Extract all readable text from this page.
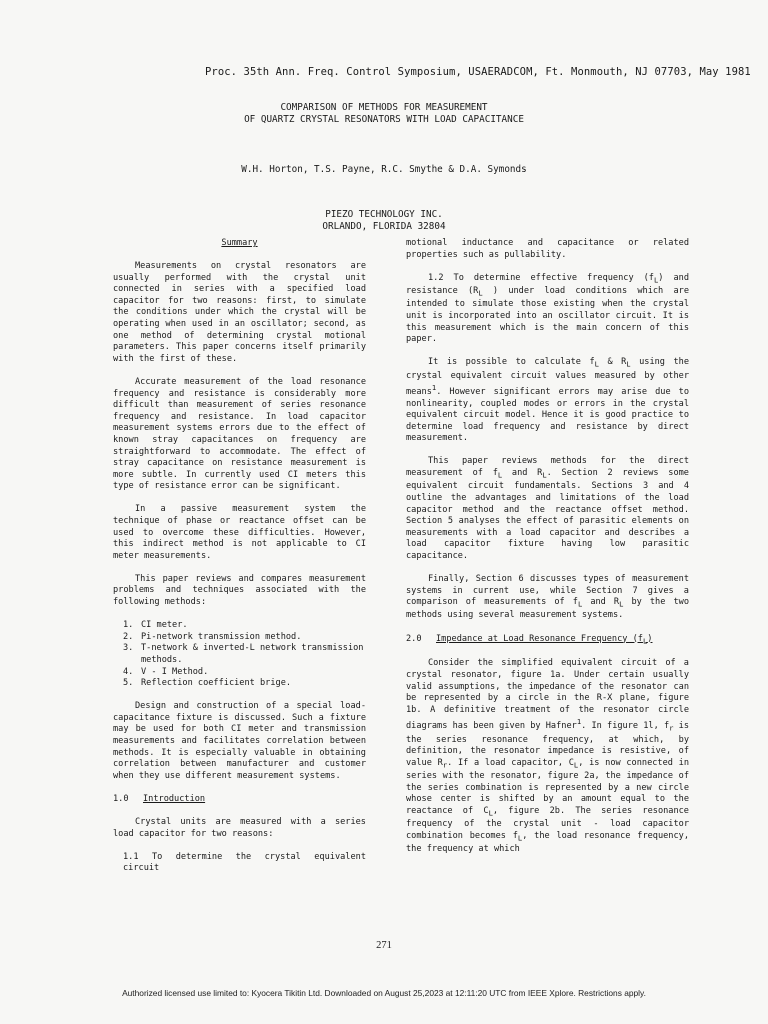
Proc. 35th Ann. Freq. Control Symposium, USAERADCOM, Ft. Monmouth, NJ 07703, May 1981
COMPARISON OF METHODS FOR MEASUREMENT
OF QUARTZ CRYSTAL RESONATORS WITH LOAD CAPACITANCE
W.H. Horton, T.S. Payne, R.C. Smythe & D.A. Symonds
PIEZO TECHNOLOGY INC.
ORLANDO, FLORIDA 32804

Summary

Measurements on crystal resonators are usually performed with the crystal unit connected in series with a specified load capacitor for two reasons: first, to simulate the conditions under which the crystal will be operating when used in an oscillator; second, as one method of determining crystal motional parameters. This paper concerns itself primarily with the first of these.

Accurate measurement of the load resonance frequency and resistance is considerably more difficult than measurement of series resonance frequency and resistance. In load capacitor measurement systems errors due to the effect of known stray capacitances on frequency are straightforward to accommodate. The effect of stray capacitance on resistance measurement is more subtle. In currently used CI meters this type of resistance error can be significant.

In a passive measurement system the technique of phase or reactance offset can be used to overcome these difficulties. However, this indirect method is not applicable to CI meter measurements.

This paper reviews and compares measurement problems and techniques associated with the following methods:

1. CI meter.
2. Pi-network transmission method.
3. T-network & inverted-L network transmission methods.
4. V - I Method.
5. Reflection coefficient brige.

Design and construction of a special load-capacitance fixture is discussed. Such a fixture may be used for both CI meter and transmission measurements and facilitates correlation between methods. It is especially valuable in obtaining correlation between manufacturer and customer when they use different measurement systems.

1.0	Introduction

Crystal units are measured with a series load capacitor for two reasons:

1.1 To determine the crystal equivalent circuit

motional inductance and capacitance or related properties such as pullability.

1.2 To determine effective frequency $(f_L)$ and resistance ($R_L$ ) under load conditions which are intended to simulate those existing when the crystal unit is incorporated into an oscillator circuit. It is this measurement which is the main concern of this paper.

It is possible to calculate $f_L$ & $R_L$ using the crystal equivalent circuit values measured by other means$^1$. However significant errors may arise due to nonlinearity, coupled modes or errors in the crystal equivalent circuit model. Hence it is good practice to determine load frequency and resistance by direct measurement.

This paper reviews methods for the direct measurement of $f_L$ and $R_L$. Section 2 reviews some equivalent circuit fundamentals. Sections 3 and 4 outline the advantages and limitations of the load capacitor method and the reactance offset method. Section 5 analyses the effect of parasitic elements on measurements with a load capacitor and describes a load capacitor fixture having low parasitic capacitance.

Finally, Section 6 discusses types of measurement systems in current use, while Section 7 gives a comparison of measurements of $f_L$ and $R_L$ by the two methods using several measurement systems.

2.0	Impedance at Load Resonance Frequency $(f_L)$

Consider the simplified equivalent circuit of a crystal resonator, figure 1a. Under certain usually valid assumptions, the impedance of the resonator can be represented by a circle in the R-X plane, figure 1b. A definitive treatment of the resonator circle diagrams has been given by Hafner$^1$. In figure 1l, $f_r$ is the series resonance frequency, at which, by definition, the resonator impedance is resistive, of value $R_r$. If a load capacitor, $C_L$, is now connected in series with the resonator, figure 2a, the impedance of the series combination is represented by a new circle whose center is shifted by an amount equal to the reactance of $C_L$, figure 2b. The series resonance frequency of the crystal unit - load capacitor combination becomes $f_L$, the load resonance frequency, the frequency at which

271
Authorized licensed use limited to: Kyocera Tikitin Ltd. Downloaded on August 25,2023 at 12:11:20 UTC from IEEE Xplore. Restrictions apply.
